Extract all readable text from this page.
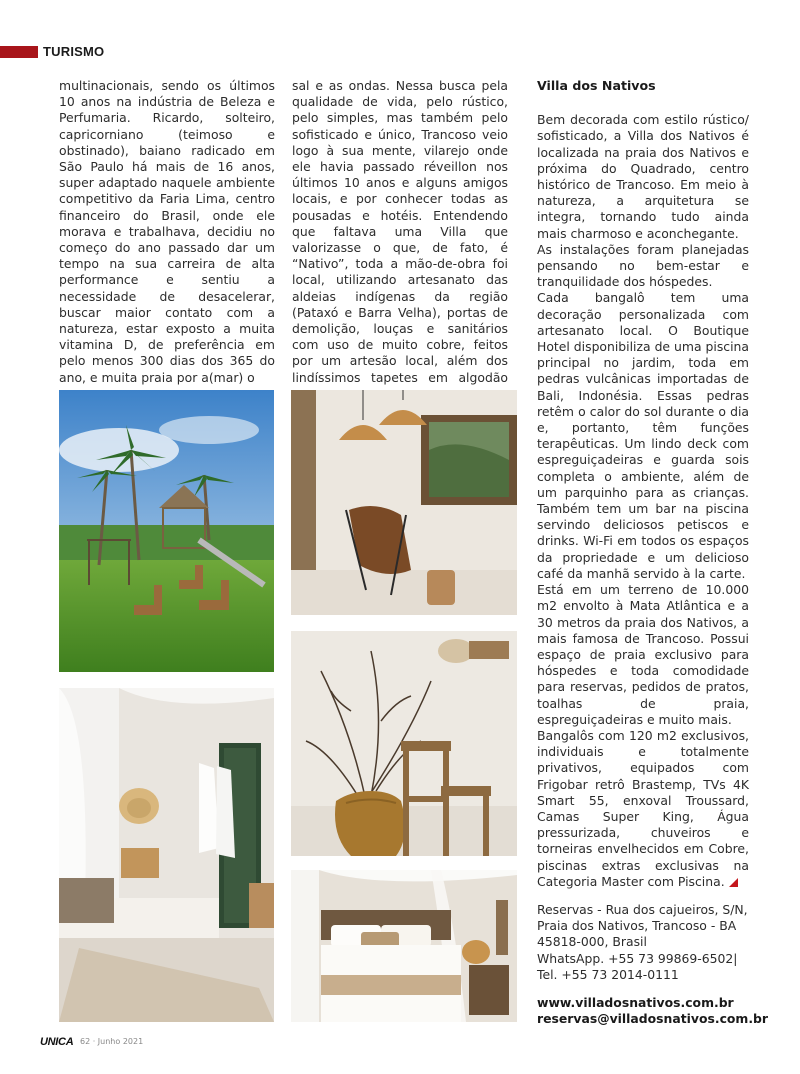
TURISMO

multinacionais, sendo os últimos 10 anos na indústria de Beleza e Perfumaria. Ricardo, solteiro, capricorniano (teimoso e obstinado), baiano radicado em São Paulo há mais de 16 anos, super adaptado naquele ambiente competitivo da Faria Lima, centro financeiro do Brasil, onde ele morava e trabalhava, decidiu no começo do ano passado dar um tempo na sua carreira de alta performance e sentiu a necessidade de desacelerar, buscar maior contato com a natureza, estar exposto a muita vitamina D, de preferência em pelo menos 300 dias dos 365 do ano, e muita praia por a(mar) o

sal e as ondas. Nessa busca pela qualidade de vida, pelo rústico, pelo simples, mas também pelo sofisticado e único, Trancoso veio logo à sua mente, vilarejo onde ele havia passado réveillon nos últimos 10 anos e alguns amigos locais, e por conhecer todas as pousadas e hotéis. Entendendo que faltava uma Villa que valorizasse o que, de fato, é “Nativo”, toda a mão-de-obra foi local, utilizando artesanato das aldeias indígenas da região (Pataxó e Barra Velha), portas de demolição, louças e sanitários com uso de muito cobre, feitos por um artesão local, além dos lindíssimos tapetes em algodão

Villa dos Nativos

Bem decorada com estilo rústico/ sofisticado, a Villa dos Nativos é localizada na praia dos Nativos e próxima do Quadrado, centro histórico de Trancoso. Em meio à natureza, a arquitetura se integra, tornando tudo ainda mais charmoso e aconchegante.

As instalações foram planejadas pensando no bem-estar e tranquilidade dos hóspedes.

Cada bangalô tem uma decoração personalizada com artesanato local. O Boutique Hotel disponibiliza de uma piscina principal no jardim, toda em pedras vulcânicas importadas de Bali, Indonésia. Essas pedras retêm o calor do sol durante o dia e, portanto, têm funções terapêuticas. Um lindo deck com espreguiçadeiras e guarda sois completa o ambiente, além de um parquinho para as crianças. Também tem um bar na piscina servindo deliciosos petiscos e drinks. Wi-Fi em todos os espaços da propriedade e um delicioso café da manhã servido à la carte.

Está em um terreno de 10.000 m2 envolto à Mata Atlântica e a 30 metros da praia dos Nativos, a mais famosa de Trancoso. Possui espaço de praia exclusivo para hóspedes e toda comodidade para reservas, pedidos de pratos, toalhas de praia, espreguiçadeiras e muito mais.

Bangalôs com 120 m2 exclusivos, individuais e totalmente privativos, equipados com Frigobar retrô Brastemp, TVs 4K Smart 55, enxoval Troussard, Camas Super King, Água pressurizada, chuveiros e torneiras envelhecidos em Cobre, piscinas extras exclusivas na Categoria Master com Piscina.

Reservas - Rua dos cajueiros, S/N, Praia dos Nativos, Trancoso - BA 45818-000, Brasil

WhatsApp. +55 73 99869-6502|

Tel. +55 73 2014-0111

www.villadosnativos.com.br

reservas@villadosnativos.com.br

UNICA 62 · Junho 2021
